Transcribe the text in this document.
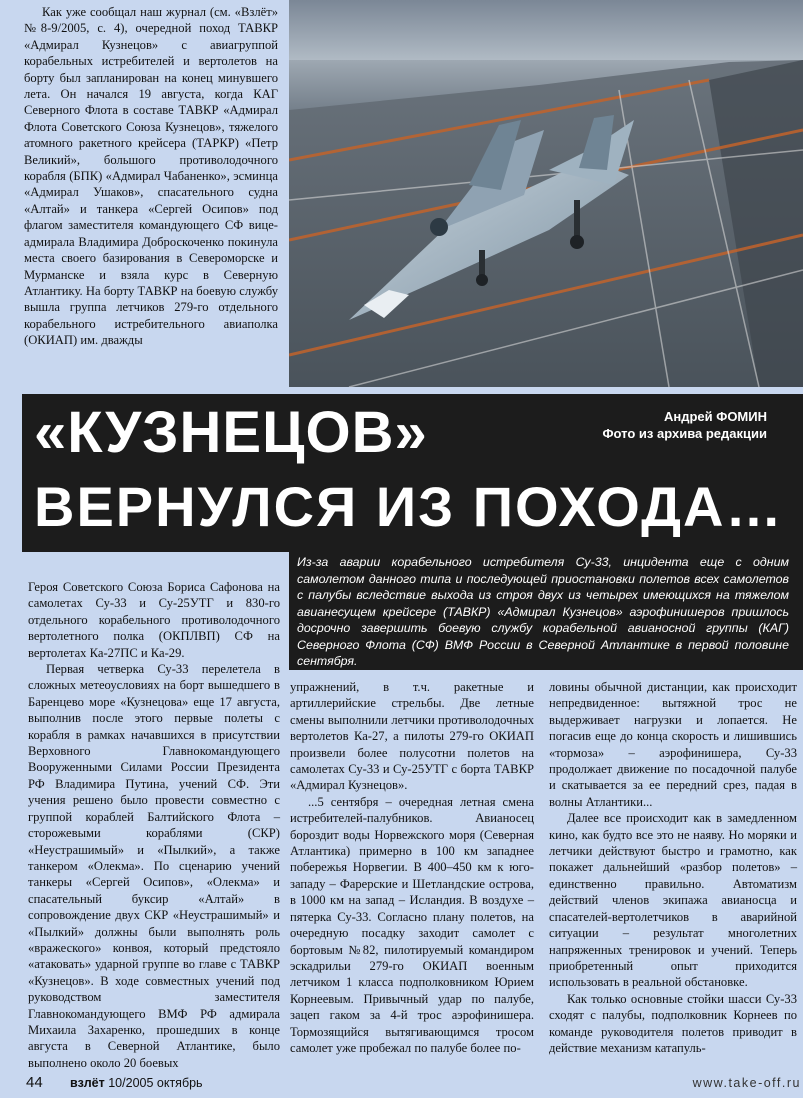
Как уже сообщал наш журнал (см. «Взлёт» №8-9/2005, с. 4), очередной поход ТАВКР «Адмирал Кузнецов» с авиагруппой корабельных истребителей и вертолетов на борту был запланирован на конец минувшего лета. Он начался 19 августа, когда КАГ Северного Флота в составе ТАВКР «Адмирал Флота Советского Союза Кузнецов», тяжелого атомного ракетного крейсера (ТАРКР) «Петр Великий», большого противолодочного корабля (БПК) «Адмирал Чабаненко», эсминца «Адмирал Ушаков», спасательного судна «Алтай» и танкера «Сергей Осипов» под флагом заместителя командующего СФ вице-адмирала Владимира Доброскоченко покинула места своего базирования в Североморске и Мурманске и взяла курс в Северную Атлантику. На борту ТАВКР на боевую службу вышла группа летчиков 279-го отдельного корабельного истребительного авиаполка (ОКИАП) им. дважды

«КУЗНЕЦОВ»
ВЕРНУЛСЯ ИЗ ПОХОДА…
Андрей ФОМИН
Фото из архива редакции
Из-за аварии корабельного истребителя Су-33, инцидента еще с одним самолетом данного типа и последующей приостановки полетов всех самолетов с палубы вследствие выхода из строя двух из четырех имеющихся на тяжелом авианесущем крейсере (ТАВКР) «Адмирал Кузнецов» аэрофинишеров пришлось досрочно завершить боевую службу корабельной авианосной группы (КАГ) Северного Флота (СФ) ВМФ России в Северной Атлантике в первой половине сентября.

Героя Советского Союза Бориса Сафонова на самолетах Су-33 и Су-25УТГ и 830-го отдельного корабельного противолодочного вертолетного полка (ОКПЛВП) СФ на вертолетах Ка-27ПС и Ка-29.

Первая четверка Су-33 перелетела в сложных метеоусловиях на борт вышедшего в Баренцево море «Кузнецова» еще 17 августа, выполнив после этого первые полеты с корабля в рамках начавшихся в присутствии Верховного Главнокомандующего Вооруженными Силами России Президента РФ Владимира Путина, учений СФ. Эти учения решено было провести совместно с группой кораблей Балтийского Флота – сторожевыми кораблями (СКР) «Неустрашимый» и «Пылкий», а также танкером «Олекма». По сценарию учений танкеры «Сергей Осипов», «Олекма» и спасательный буксир «Алтай» в сопровождение двух СКР «Неустрашимый» и «Пылкий» должны были выполнять роль «вражеского» конвоя, который предстояло «атаковать» ударной группе во главе с ТАВКР «Кузнецов». В ходе совместных учений под руководством заместителя Главнокомандующего ВМФ РФ адмирала Михаила Захаренко, прошедших в конце августа в Северной Атлантике, было выполнено около 20 боевых

упражнений, в т.ч. ракетные и артиллерийские стрельбы. Две летные смены выполнили летчики противолодочных вертолетов Ка-27, а пилоты 279-го ОКИАП произвели более полусотни полетов на самолетах Су-33 и Су-25УТГ с борта ТАВКР «Адмирал Кузнецов».

...5 сентября – очередная летная смена истребителей-палубников. Авианосец бороздит воды Норвежского моря (Северная Атлантика) примерно в 100 км западнее побережья Норвегии. В 400–450 км к юго-западу – Фарерские и Шетландские острова, в 1000 км на запад – Исландия. В воздухе – пятерка Су-33. Согласно плану полетов, на очередную посадку заходит самолет с бортовым №82, пилотируемый командиром эскадрильи 279-го ОКИАП военным летчиком 1 класса подполковником Юрием Корнеевым. Привычный удар по палубе, зацеп гаком за 4-й трос аэрофинишера. Тормозящийся вытягивающимся тросом самолет уже пробежал по палубе более по-

ловины обычной дистанции, как происходит непредвиденное: вытяжной трос не выдерживает нагрузки и лопается. Не погасив еще до конца скорость и лишившись «тормоза» – аэрофинишера, Су-33 продолжает движение по посадочной палубе и скатывается за ее передний срез, падая в волны Атлантики...

Далее все происходит как в замедленном кино, как будто все это не наяву. Но моряки и летчики действуют быстро и грамотно, как покажет дальнейший «разбор полетов» – единственно правильно. Автоматизм действий членов экипажа авианосца и спасателей-вертолетчиков в аварийной ситуации – результат многолетних напряженных тренировок и учений. Теперь приобретенный опыт приходится использовать в реальной обстановке.

Как только основные стойки шасси Су-33 сходят с палубы, подполковник Корнеев по команде руководителя полетов приводит в действие механизм катапуль-

44 взлёт 10/2005 октябрь	www.take-off.ru
